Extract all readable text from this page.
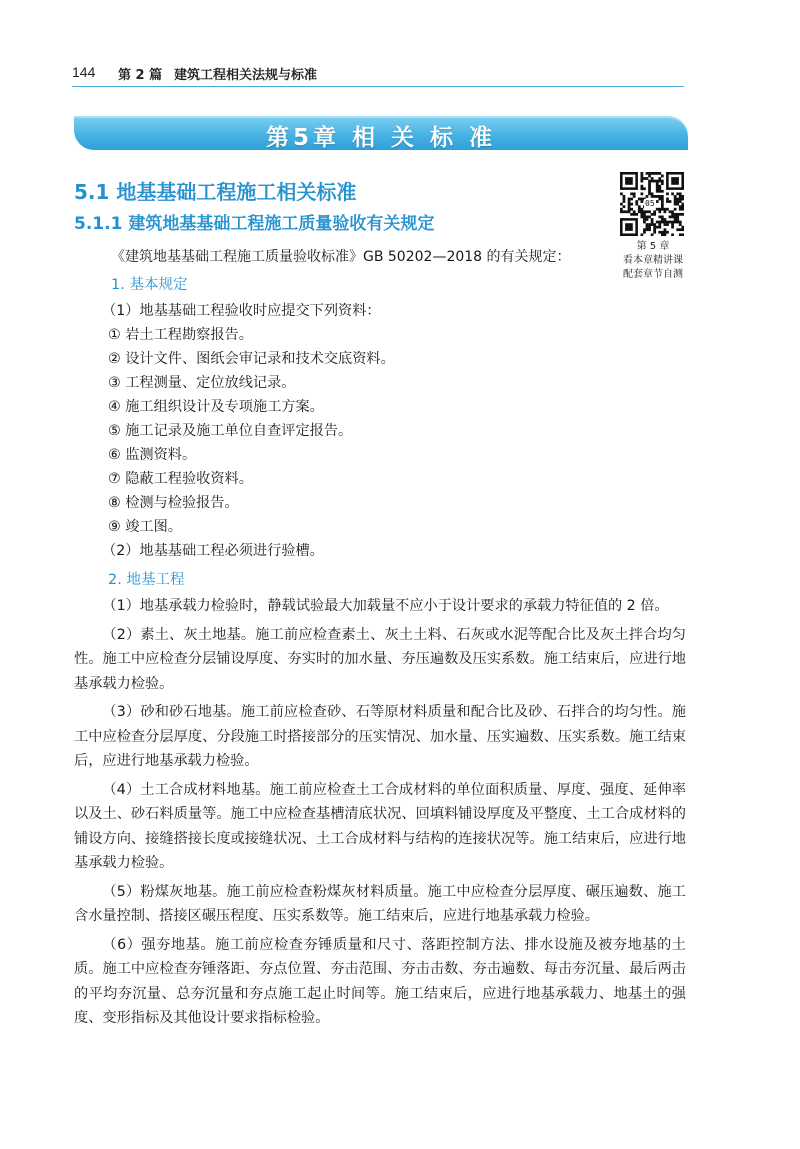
144 第 2 篇 建筑工程相关法规与标准
第5章 相 关 标 准
5.1 地基基础工程施工相关标准
5.1.1 建筑地基基础工程施工质量验收有关规定
05
第 5 章
看本章精讲课
配套章节自测
《建筑地基基础工程施工质量验收标准》GB 50202—2018 的有关规定：
1. 基本规定
（1）地基基础工程验收时应提交下列资料：
① 岩土工程勘察报告。
② 设计文件、图纸会审记录和技术交底资料。
③ 工程测量、定位放线记录。
④ 施工组织设计及专项施工方案。
⑤ 施工记录及施工单位自查评定报告。
⑥ 监测资料。
⑦ 隐蔽工程验收资料。
⑧ 检测与检验报告。
⑨ 竣工图。
（2）地基基础工程必须进行验槽。
2. 地基工程

（1）地基承载力检验时，静载试验最大加载量不应小于设计要求的承载力特征值的 2 倍。

（2）素土、灰土地基。施工前应检查素土、灰土土料、石灰或水泥等配合比及灰土拌合均匀性。施工中应检查分层铺设厚度、夯实时的加水量、夯压遍数及压实系数。施工结束后，应进行地基承载力检验。

（3）砂和砂石地基。施工前应检查砂、石等原材料质量和配合比及砂、石拌合的均匀性。施工中应检查分层厚度、分段施工时搭接部分的压实情况、加水量、压实遍数、压实系数。施工结束后，应进行地基承载力检验。

（4）土工合成材料地基。施工前应检查土工合成材料的单位面积质量、厚度、强度、延伸率以及土、砂石料质量等。施工中应检查基槽清底状况、回填料铺设厚度及平整度、土工合成材料的铺设方向、接缝搭接长度或接缝状况、土工合成材料与结构的连接状况等。施工结束后，应进行地基承载力检验。

（5）粉煤灰地基。施工前应检查粉煤灰材料质量。施工中应检查分层厚度、碾压遍数、施工含水量控制、搭接区碾压程度、压实系数等。施工结束后，应进行地基承载力检验。

（6）强夯地基。施工前应检查夯锤质量和尺寸、落距控制方法、排水设施及被夯地基的土质。施工中应检查夯锤落距、夯点位置、夯击范围、夯击击数、夯击遍数、每击夯沉量、最后两击的平均夯沉量、总夯沉量和夯点施工起止时间等。施工结束后，应进行地基承载力、地基土的强度、变形指标及其他设计要求指标检验。
